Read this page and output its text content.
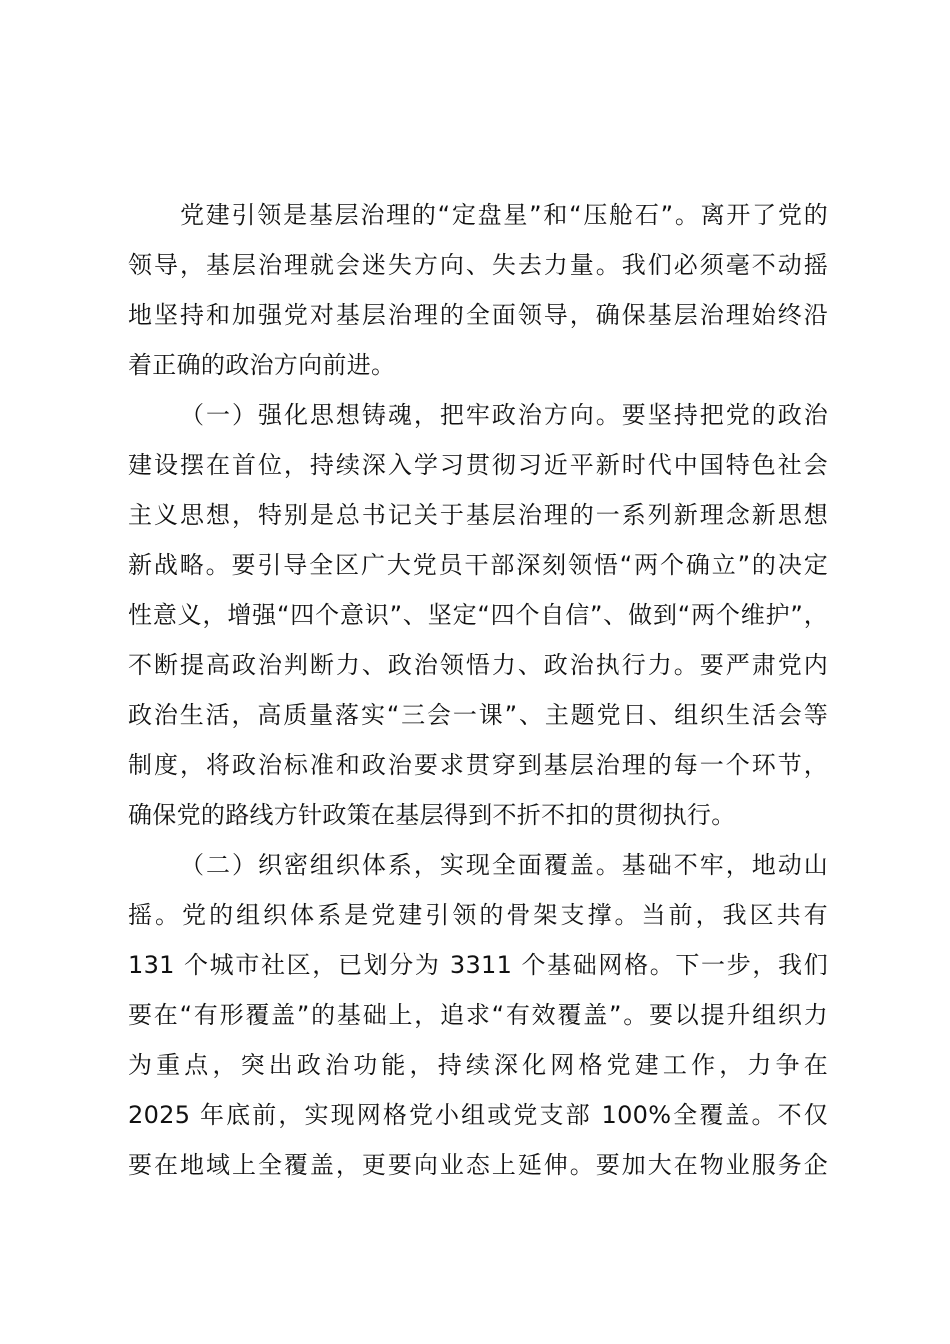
党建引领是基层治理的“定盘星”和“压舱石”。离开了党的
领导，基层治理就会迷失方向、失去力量。我们必须毫不动摇
地坚持和加强党对基层治理的全面领导，确保基层治理始终沿
着正确的政治方向前进。
（一）强化思想铸魂，把牢政治方向。要坚持把党的政治
建设摆在首位，持续深入学习贯彻习近平新时代中国特色社会
主义思想，特别是总书记关于基层治理的一系列新理念新思想
新战略。要引导全区广大党员干部深刻领悟“两个确立”的决定
性意义，增强“四个意识”、坚定“四个自信”、做到“两个维护”，
不断提高政治判断力、政治领悟力、政治执行力。要严肃党内
政治生活，高质量落实“三会一课”、主题党日、组织生活会等
制度，将政治标准和政治要求贯穿到基层治理的每一个环节，
确保党的路线方针政策在基层得到不折不扣的贯彻执行。
（二）织密组织体系，实现全面覆盖。基础不牢，地动山
摇。党的组织体系是党建引领的骨架支撑。当前，我区共有
131 个城市社区，已划分为 3311 个基础网格。下一步，我们
要在“有形覆盖”的基础上，追求“有效覆盖”。要以提升组织力
为重点，突出政治功能，持续深化网格党建工作，力争在
2025 年底前，实现网格党小组或党支部 100%全覆盖。不仅
要在地域上全覆盖，更要向业态上延伸。要加大在物业服务企
